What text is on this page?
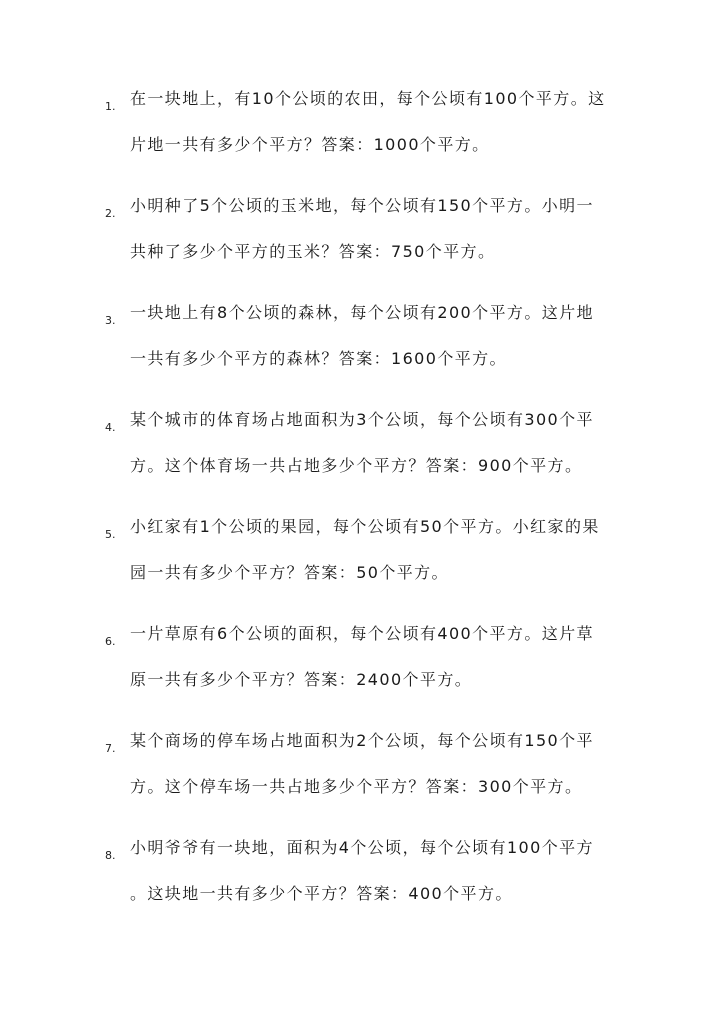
1. 在一块地上，有10个公顷的农田，每个公顷有100个平方。这
片地一共有多少个平方？答案：1000个平方。
2. 小明种了5个公顷的玉米地，每个公顷有150个平方。小明一
共种了多少个平方的玉米？答案：750个平方。
3. 一块地上有8个公顷的森林，每个公顷有200个平方。这片地
一共有多少个平方的森林？答案：1600个平方。
4. 某个城市的体育场占地面积为3个公顷，每个公顷有300个平
方。这个体育场一共占地多少个平方？答案：900个平方。
5. 小红家有1个公顷的果园，每个公顷有50个平方。小红家的果
园一共有多少个平方？答案：50个平方。
6. 一片草原有6个公顷的面积，每个公顷有400个平方。这片草
原一共有多少个平方？答案：2400个平方。
7. 某个商场的停车场占地面积为2个公顷，每个公顷有150个平
方。这个停车场一共占地多少个平方？答案：300个平方。
8. 小明爷爷有一块地，面积为4个公顷，每个公顷有100个平方
。这块地一共有多少个平方？答案：400个平方。
